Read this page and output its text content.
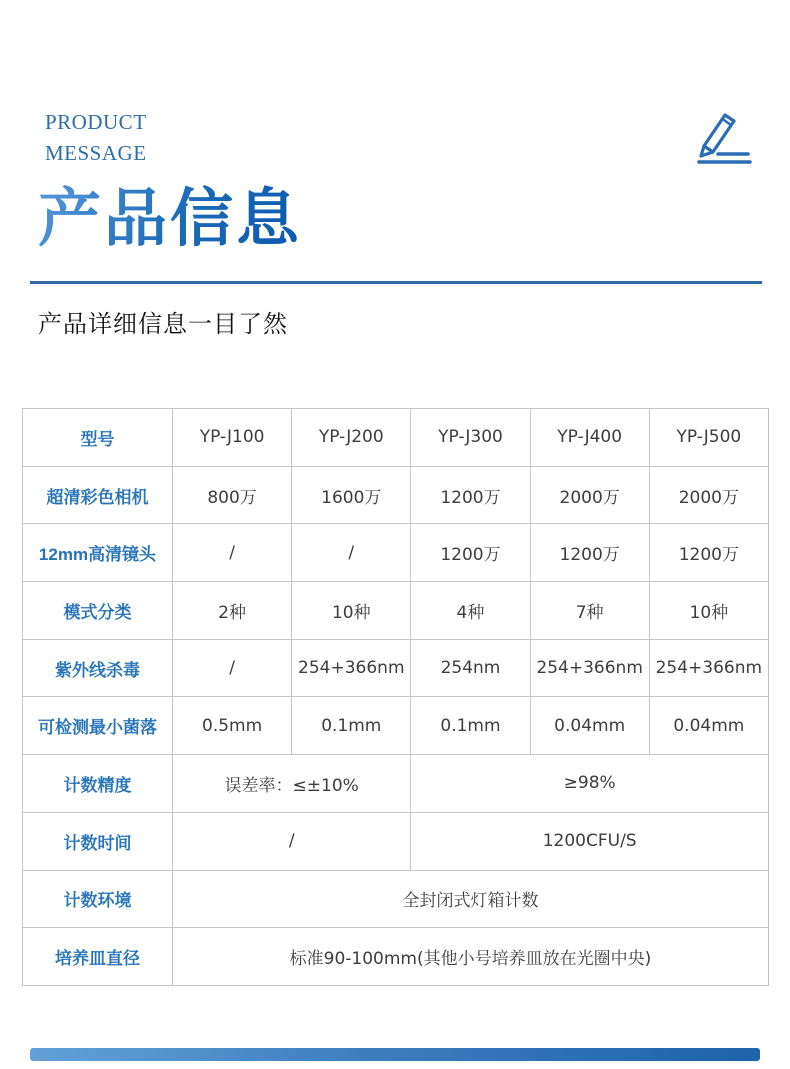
PRODUCT
MESSAGE
产品信息
产品详细信息一目了然
型号	YP-J100	YP-J200	YP-J300	YP-J400	YP-J500
超清彩色相机	800万	1600万	1200万	2000万	2000万
12mm高清镜头	/	/	1200万	1200万	1200万
模式分类	2种	10种	4种	7种	10种
紫外线杀毒	/	254+366nm	254nm	254+366nm	254+366nm
可检测最小菌落	0.5mm	0.1mm	0.1mm	0.04mm	0.04mm
计数精度	误差率：≤±10%		≥98%		
计数时间	/		1200CFU/S		
计数环境	全封闭式灯箱计数				
培养皿直径	标准90-100mm(其他小号培养皿放在光圈中央)				
